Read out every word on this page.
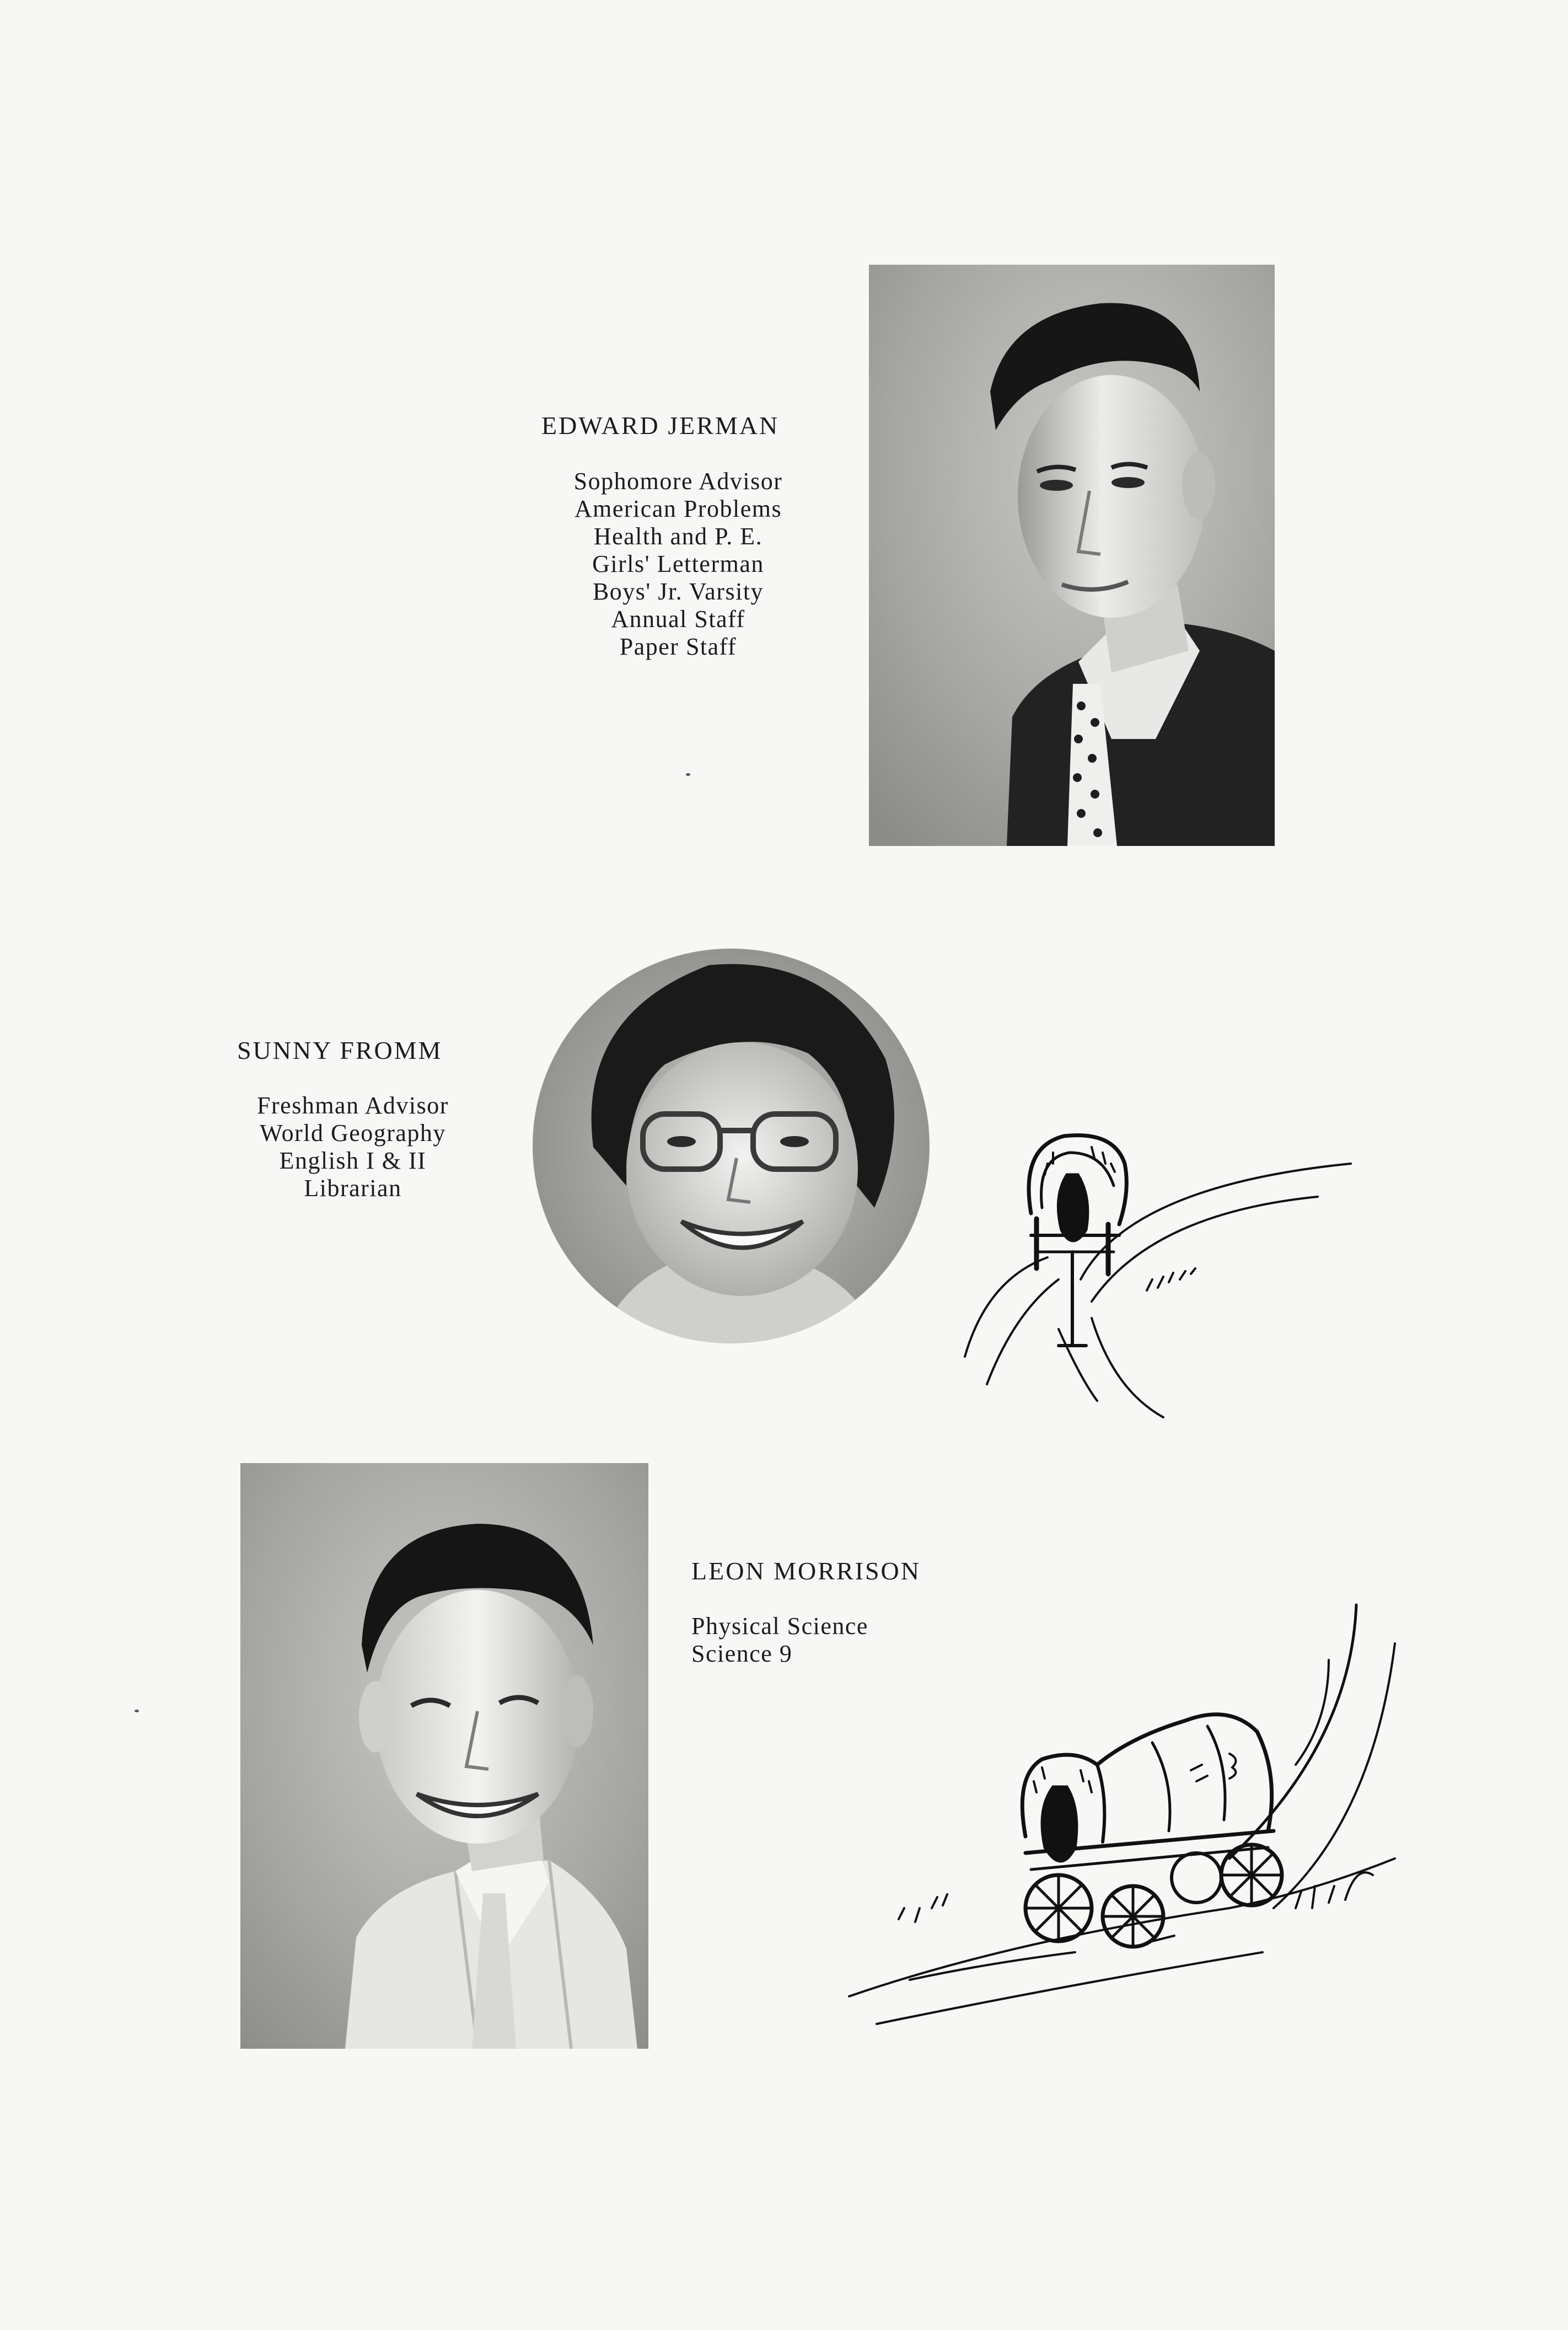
EDWARD JERMAN
Sophomore Advisor
American Problems
Health and P. E.
Girls' Letterman
Boys' Jr. Varsity
Annual Staff
Paper Staff
SUNNY FROMM
Freshman Advisor
World Geography
English I & II
Librarian
LEON MORRISON
Physical Science
Science 9
